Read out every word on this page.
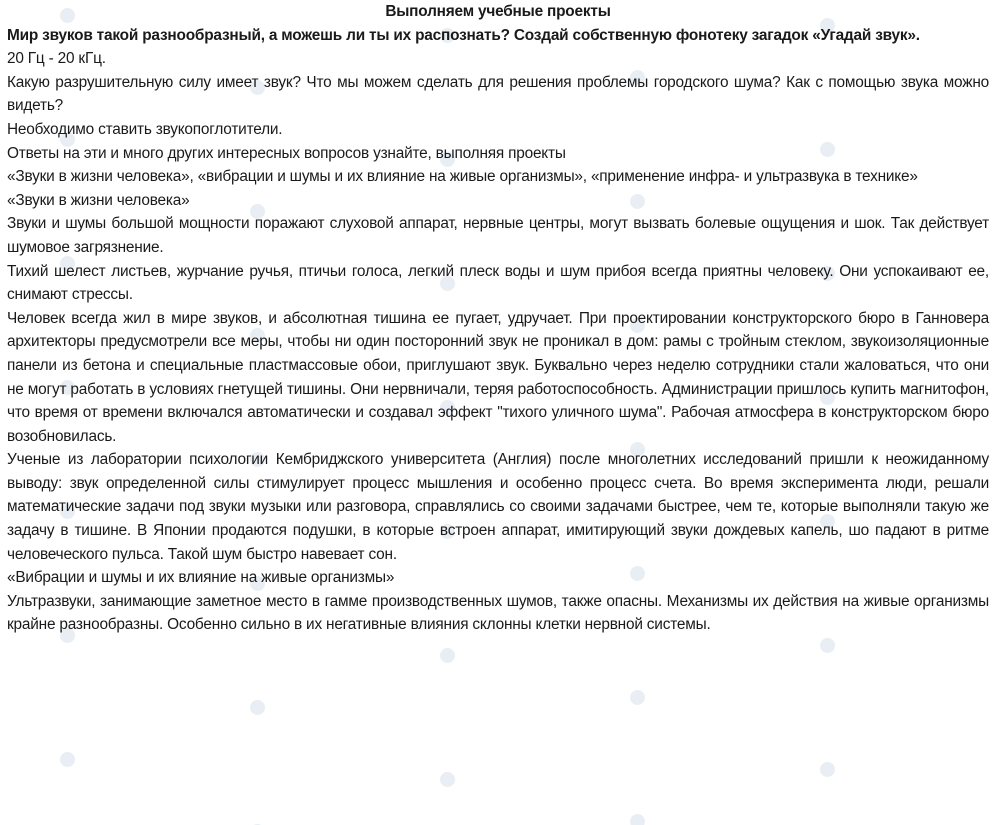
Выполняем учебные проекты

Мир звуков такой разнообразный, а можешь ли ты их распознать? Создай собственную фонотеку загадок «Угадай звук».

20 Гц - 20 кГц.

Какую разрушительную силу имеет звук? Что мы можем сделать для решения проблемы городского шума? Как с помощью звука можно видеть?

Необходимо ставить звукопоглотители.

Ответы на эти и много других интересных вопросов узнайте, выполняя проекты

«Звуки в жизни человека», «вибрации и шумы и их влияние на живые организмы», «применение инфра- и ультразвука в технике»

«Звуки в жизни человека»

Звуки и шумы большой мощности поражают слуховой аппарат, нервные центры, могут вызвать болевые ощущения и шок. Так действует шумовое загрязнение.

Тихий шелест листьев, журчание ручья, птичьи голоса, легкий плеск воды и шум прибоя всегда приятны человеку. Они успокаивают ее, снимают стрессы.

Человек всегда жил в мире звуков, и абсолютная тишина ее пугает, удручает. При проектировании конструкторского бюро в Ганновера архитекторы предусмотрели все меры, чтобы ни один посторонний звук не проникал в дом: рамы с тройным стеклом, звукоизоляционные панели из бетона и специальные пластмассовые обои, приглушают звук. Буквально через неделю сотрудники стали жаловаться, что они не могут работать в условиях гнетущей тишины. Они нервничали, теряя работоспособность. Администрации пришлось купить магнитофон, что время от времени включался автоматически и создавал эффект "тихого уличного шума". Рабочая атмосфера в конструкторском бюро возобновилась.

Ученые из лаборатории психологии Кембриджского университета (Англия) после многолетних исследований пришли к неожиданному выводу: звук определенной силы стимулирует процесс мышления и особенно процесс счета. Во время эксперимента люди, решали математические задачи под звуки музыки или разговора, справлялись со своими задачами быстрее, чем те, которые выполняли такую же задачу в тишине. В Японии продаются подушки, в которые встроен аппарат, имитирующий звуки дождевых капель, шо падают в ритме человеческого пульса. Такой шум быстро навевает сон.

«Вибрации и шумы и их влияние на живые организмы»

Ультразвуки, занимающие заметное место в гамме производственных шумов, также опасны. Механизмы их действия на живые организмы крайне разнообразны. Особенно сильно в их негативные влияния склонны клетки нервной системы.
